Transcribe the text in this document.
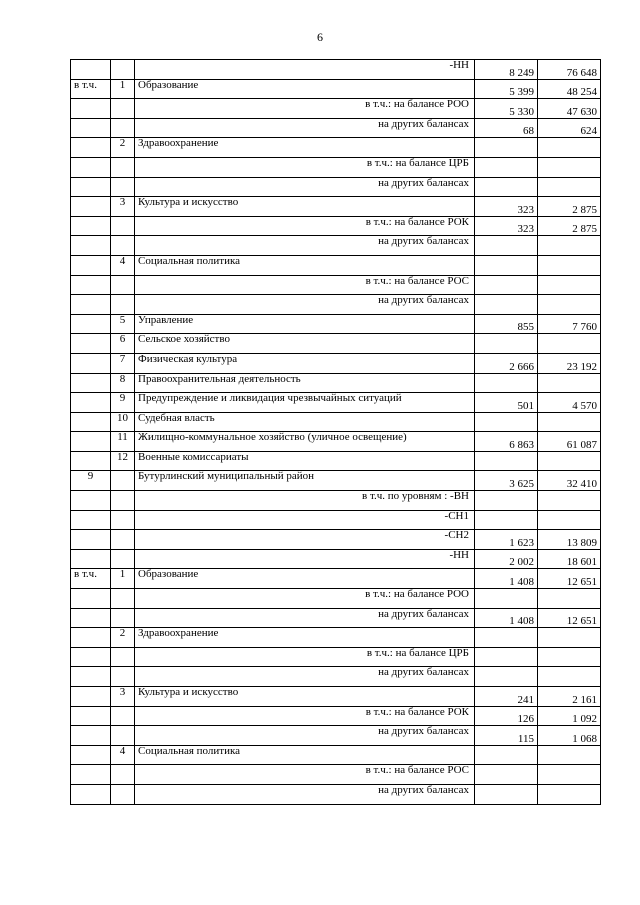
6
		-НН	8 249	76 648
в т.ч.	1	Образование	5 399	48 254
		в т.ч.: на балансе РОО	5 330	47 630
		на других балансах	68	624
	2	Здравоохранение		
		в т.ч.: на балансе ЦРБ		
		на других балансах		
	3	Культура и искусство	323	2 875
		в т.ч.: на балансе РОК	323	2 875
		на других балансах		
	4	Социальная политика		
		в т.ч.: на балансе РОС		
		на других балансах		
	5	Управление	855	7 760
	6	Сельское хозяйство		
	7	Физическая культура	2 666	23 192
	8	Правоохранительная деятельность		
	9	Предупреждение и ликвидация чрезвычайных ситуаций	501	4 570
	10	Судебная власть		
	11	Жилищно-коммунальное хозяйство (уличное освещение)	6 863	61 087
	12	Военные комиссариаты		
9		Бутурлинский муниципальный район	3 625	32 410
		в т.ч. по уровням : -ВН		
		-СН1		
		-СН2	1 623	13 809
		-НН	2 002	18 601
в т.ч.	1	Образование	1 408	12 651
		в т.ч.: на балансе РОО		
		на других балансах	1 408	12 651
	2	Здравоохранение		
		в т.ч.: на балансе ЦРБ		
		на других балансах		
	3	Культура и искусство	241	2 161
		в т.ч.: на балансе РОК	126	1 092
		на других балансах	115	1 068
	4	Социальная политика		
		в т.ч.: на балансе РОС		
		на других балансах		
